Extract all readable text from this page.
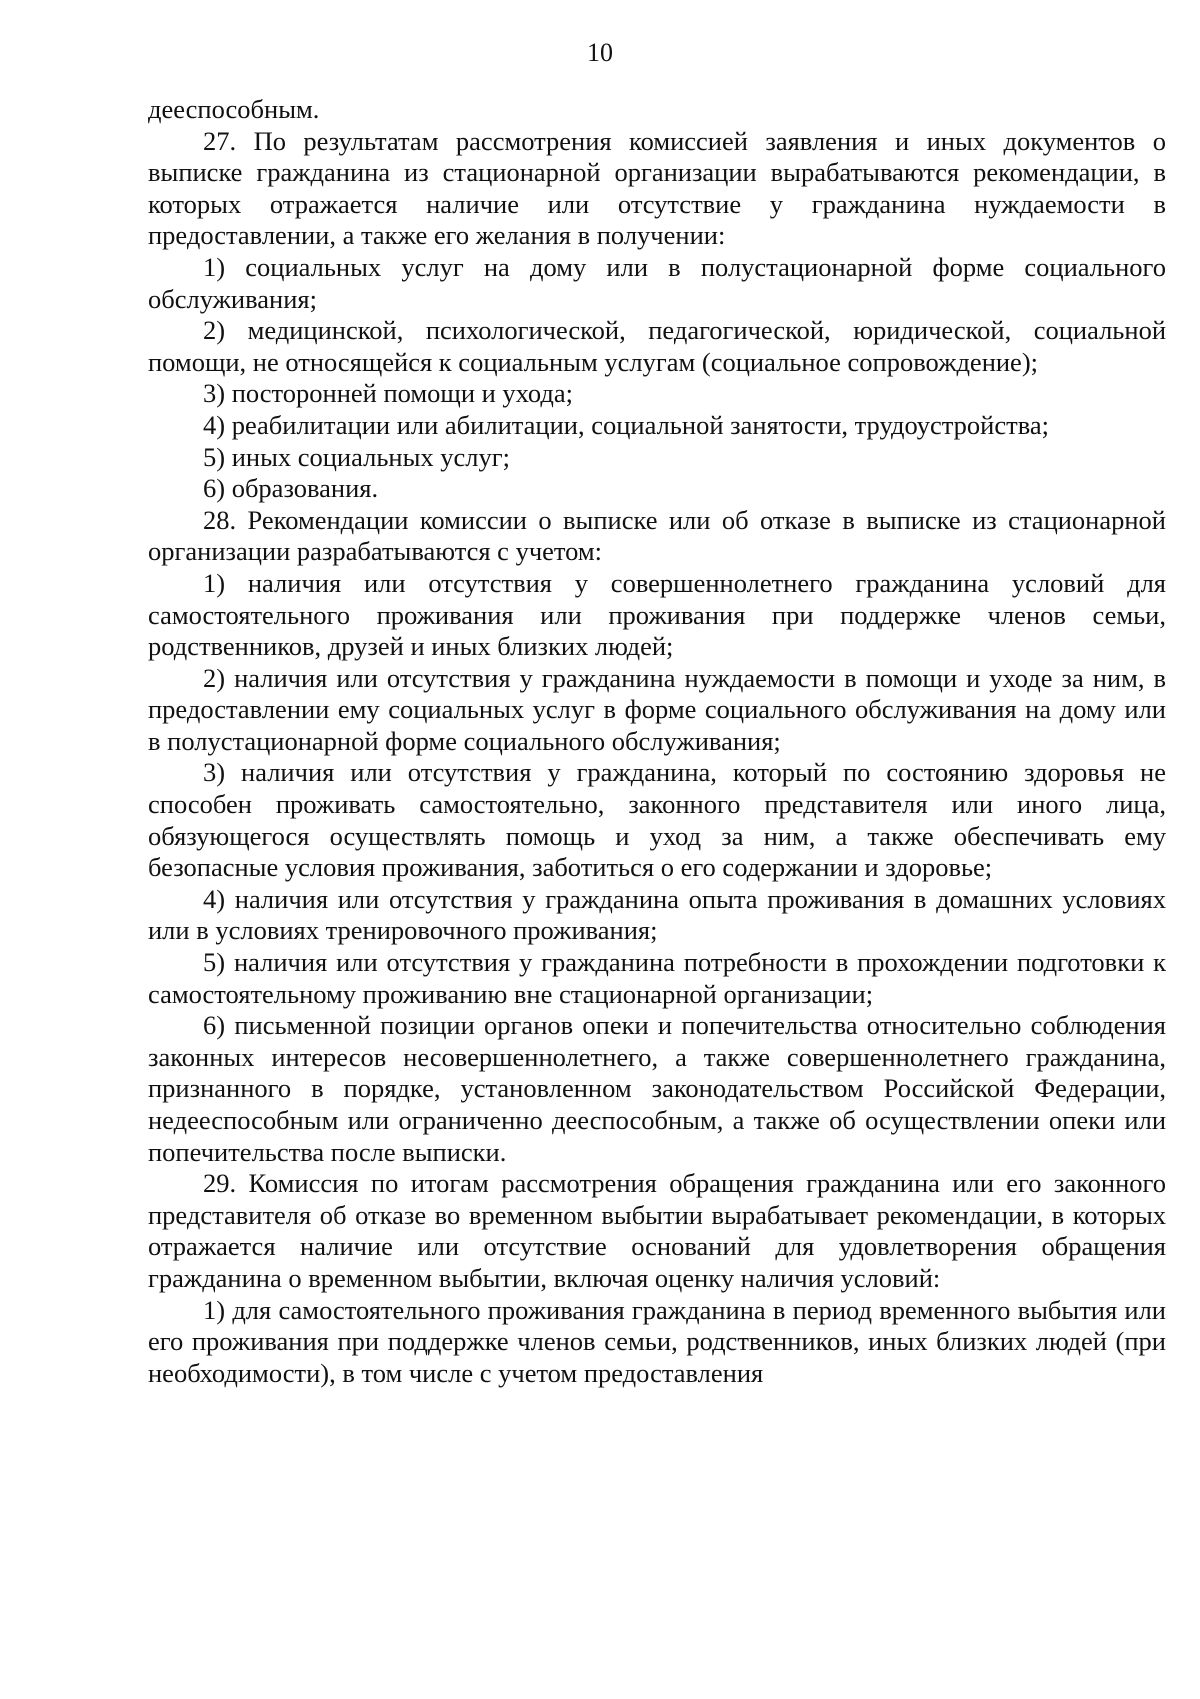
10

дееспособным.

27. По результатам рассмотрения комиссией заявления и иных документов о выписке гражданина из стационарной организации вырабатываются рекомендации, в которых отражается наличие или отсутствие у гражданина нуждаемости в предоставлении, а также его желания в получении:

1) социальных услуг на дому или в полустационарной форме социального обслуживания;

2) медицинской, психологической, педагогической, юридической, социальной помощи, не относящейся к социальным услугам (социальное сопровождение);

3) посторонней помощи и ухода;

4) реабилитации или абилитации, социальной занятости, трудоустройства;

5) иных социальных услуг;

6) образования.

28. Рекомендации комиссии о выписке или об отказе в выписке из стационарной организации разрабатываются с учетом:

1) наличия или отсутствия у совершеннолетнего гражданина условий для самостоятельного проживания или проживания при поддержке членов семьи, родственников, друзей и иных близких людей;

2) наличия или отсутствия у гражданина нуждаемости в помощи и уходе за ним, в предоставлении ему социальных услуг в форме социального обслуживания на дому или в полустационарной форме социального обслуживания;

3) наличия или отсутствия у гражданина, который по состоянию здоровья не способен проживать самостоятельно, законного представителя или иного лица, обязующегося осуществлять помощь и уход за ним, а также обеспечивать ему безопасные условия проживания, заботиться о его содержании и здоровье;

4) наличия или отсутствия у гражданина опыта проживания в домашних условиях или в условиях тренировочного проживания;

5) наличия или отсутствия у гражданина потребности в прохождении подготовки к самостоятельному проживанию вне стационарной организации;

6) письменной позиции органов опеки и попечительства относительно соблюдения законных интересов несовершеннолетнего, а также совершеннолетнего гражданина, признанного в порядке, установленном законодательством Российской Федерации, недееспособным или ограниченно дееспособным, а также об осуществлении опеки или попечительства после выписки.

29. Комиссия по итогам рассмотрения обращения гражданина или его законного представителя об отказе во временном выбытии вырабатывает рекомендации, в которых отражается наличие или отсутствие оснований для удовлетворения обращения гражданина о временном выбытии, включая оценку наличия условий:

1) для самостоятельного проживания гражданина в период временного выбытия или его проживания при поддержке членов семьи, родственников, иных близких людей (при необходимости), в том числе с учетом предоставления
